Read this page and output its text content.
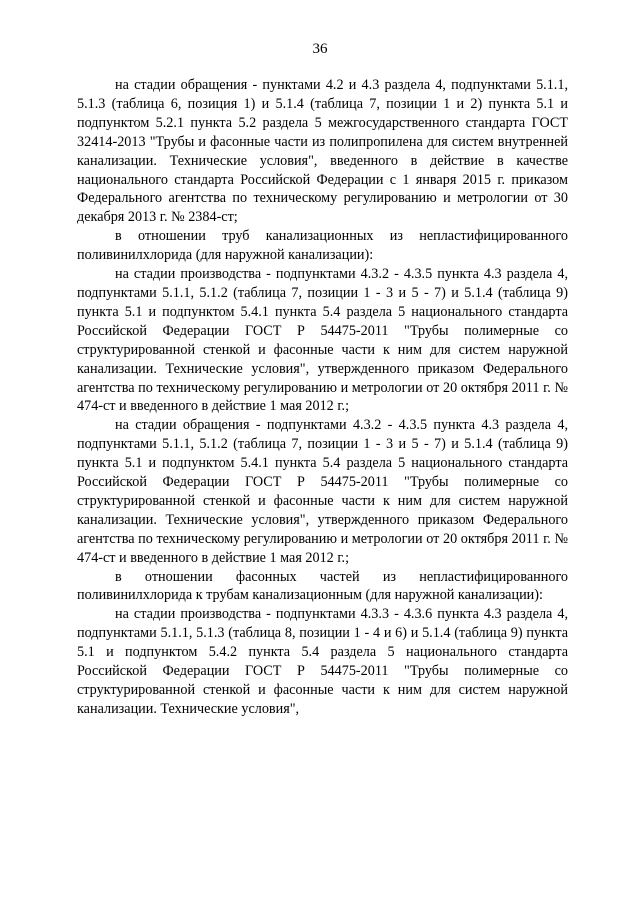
36

на стадии обращения - пунктами 4.2 и 4.3 раздела 4, подпунктами 5.1.1, 5.1.3 (таблица 6, позиция 1) и 5.1.4 (таблица 7, позиции 1 и 2) пункта 5.1 и подпунктом 5.2.1 пункта 5.2 раздела 5 межгосударственного стандарта ГОСТ 32414-2013 "Трубы и фасонные части из полипропилена для систем внутренней канализации. Технические условия", введенного в действие в качестве национального стандарта Российской Федерации с 1 января 2015 г. приказом Федерального агентства по техническому регулированию и метрологии от 30 декабря 2013 г. № 2384-ст;

в отношении труб канализационных из непластифицированного поливинилхлорида (для наружной канализации):

на стадии производства - подпунктами 4.3.2 - 4.3.5 пункта 4.3 раздела 4, подпунктами 5.1.1, 5.1.2 (таблица 7, позиции 1 - 3 и 5 - 7) и 5.1.4 (таблица 9) пункта 5.1 и подпунктом 5.4.1 пункта 5.4 раздела 5 национального стандарта Российской Федерации ГОСТ Р 54475-2011 "Трубы полимерные со структурированной стенкой и фасонные части к ним для систем наружной канализации. Технические условия", утвержденного приказом Федерального агентства по техническому регулированию и метрологии от 20 октября 2011 г. № 474-ст и введенного в действие 1 мая 2012 г.;

на стадии обращения - подпунктами 4.3.2 - 4.3.5 пункта 4.3 раздела 4, подпунктами 5.1.1, 5.1.2 (таблица 7, позиции 1 - 3 и 5 - 7) и 5.1.4 (таблица 9) пункта 5.1 и подпунктом 5.4.1 пункта 5.4 раздела 5 национального стандарта Российской Федерации ГОСТ Р 54475-2011 "Трубы полимерные со структурированной стенкой и фасонные части к ним для систем наружной канализации. Технические условия", утвержденного приказом Федерального агентства по техническому регулированию и метрологии от 20 октября 2011 г. № 474-ст и введенного в действие 1 мая 2012 г.;

в отношении фасонных частей из непластифицированного поливинилхлорида к трубам канализационным (для наружной канализации):

на стадии производства - подпунктами 4.3.3 - 4.3.6 пункта 4.3 раздела 4, подпунктами 5.1.1, 5.1.3 (таблица 8, позиции 1 - 4 и 6) и 5.1.4 (таблица 9) пункта 5.1 и подпунктом 5.4.2 пункта 5.4 раздела 5 национального стандарта Российской Федерации ГОСТ Р 54475-2011 "Трубы полимерные со структурированной стенкой и фасонные части к ним для систем наружной канализации. Технические условия",
